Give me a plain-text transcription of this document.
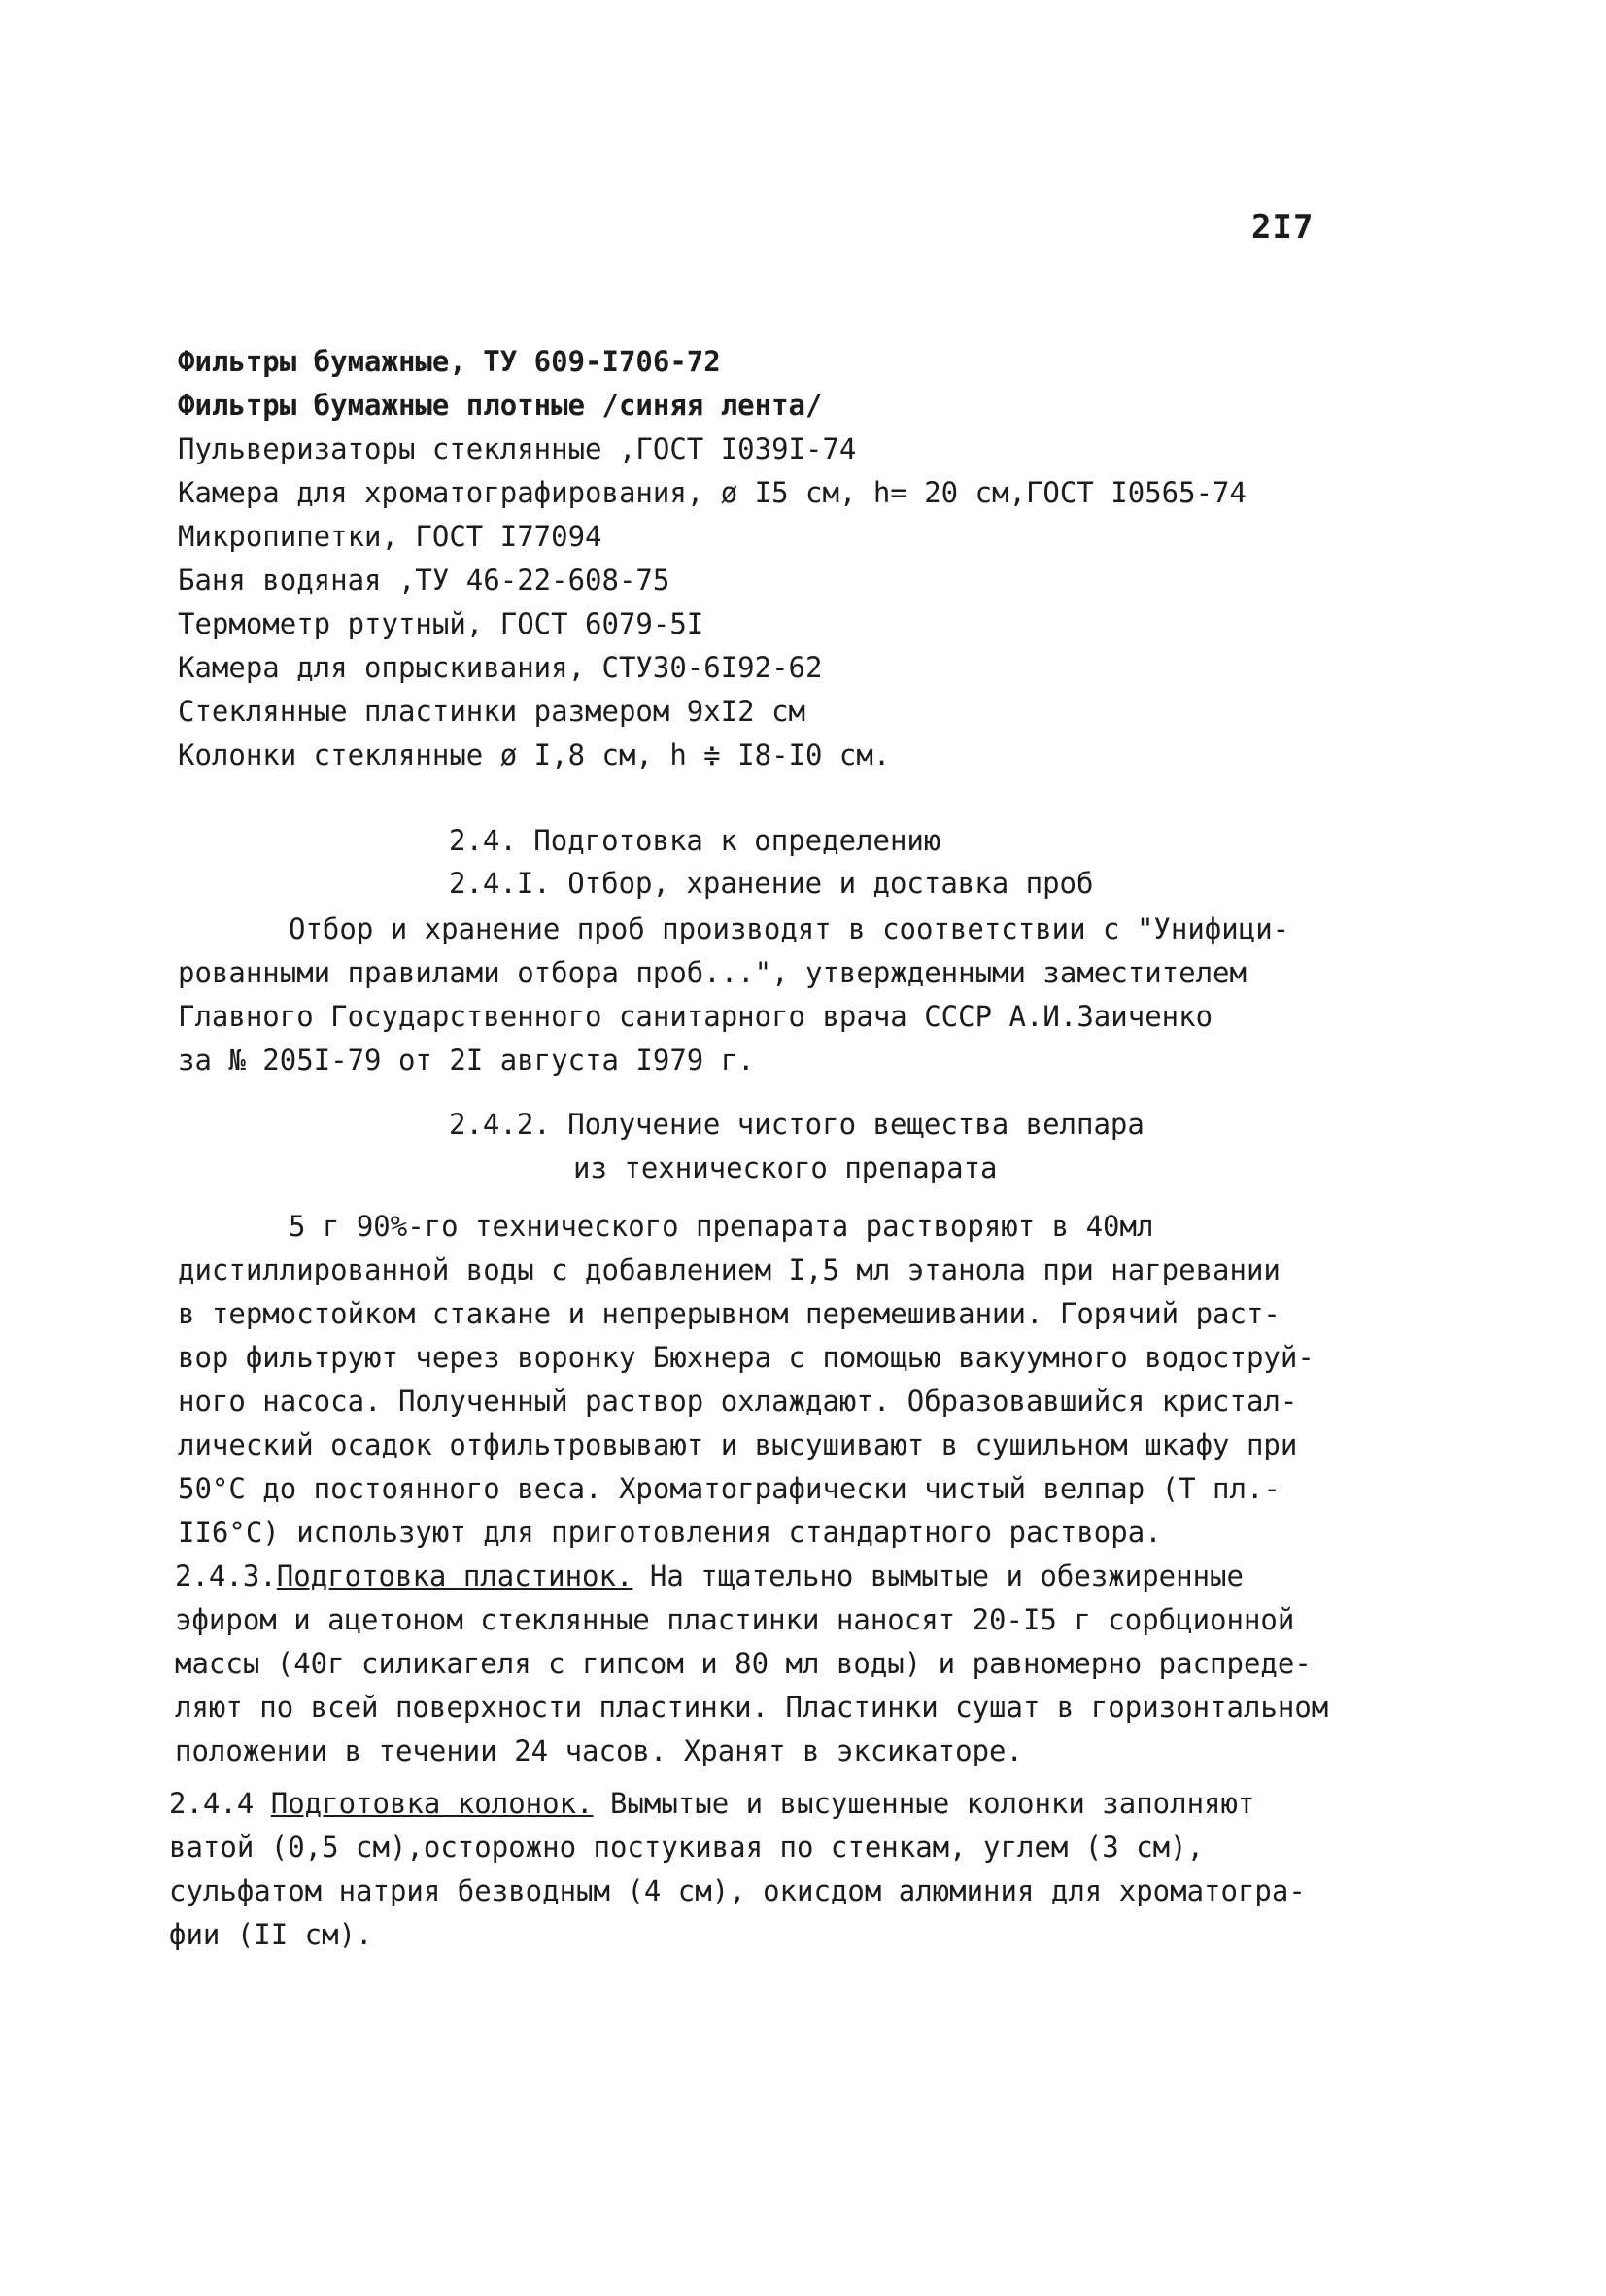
2I7
Фильтры бумажные, ТУ 609-I706-72
Фильтры бумажные плотные /синяя лента/
Пульверизаторы стеклянные ,ГОСТ I039I-74
Камера для хроматографирования, ø I5 см, h= 20 см,ГОСТ I0565-74
Микропипетки, ГОСТ I77094
Баня водяная ,ТУ 46-22-608-75
Термометр ртутный, ГОСТ 6079-5I
Камера для опрыскивания, СТУ30-6I92-62
Стеклянные пластинки размером 9xI2 см
Колонки стеклянные ø I,8 см, h ≑ I8-I0 см.
2.4. Подготовка к определению
2.4.I. Отбор, хранение и доставка проб
Отбор и хранение проб производят в соответствии с "Унифици-
рованными правилами отбора проб...", утвержденными заместителем
Главного Государственного санитарного врача СССР А.И.Заиченко
за № 205I-79 от 2I августа I979 г.
2.4.2. Получение чистого вещества велпара
из технического препарата
5 г 90%-го технического препарата растворяют в 40мл
дистиллированной воды с добавлением I,5 мл этанола при нагревании
в термостойком стакане и непрерывном перемешивании. Горячий раст-
вор фильтруют через воронку Бюхнера с помощью вакуумного водоструй-
ного насоса. Полученный раствор охлаждают. Образовавшийся кристал-
лический осадок отфильтровывают и высушивают в сушильном шкафу при
50°С до постоянного веса. Хроматографически чистый велпар (Т пл.-
II6°С) используют для приготовления стандартного раствора.
2.4.3.Подготовка пластинок. На тщательно вымытые и обезжиренные
эфиром и ацетоном стеклянные пластинки наносят 20-I5 г сорбционной
массы (40г силикагеля с гипсом и 80 мл воды) и равномерно распреде-
ляют по всей поверхности пластинки. Пластинки сушат в горизонтальном
положении в течении 24 часов. Хранят в эксикаторе.
2.4.4 Подготовка колонок. Вымытые и высушенные колонки заполняют
ватой (0,5 см),осторожно постукивая по стенкам, углем (3 см),
сульфатом натрия безводным (4 см), окисдом алюминия для хроматогра-
фии (II см).
